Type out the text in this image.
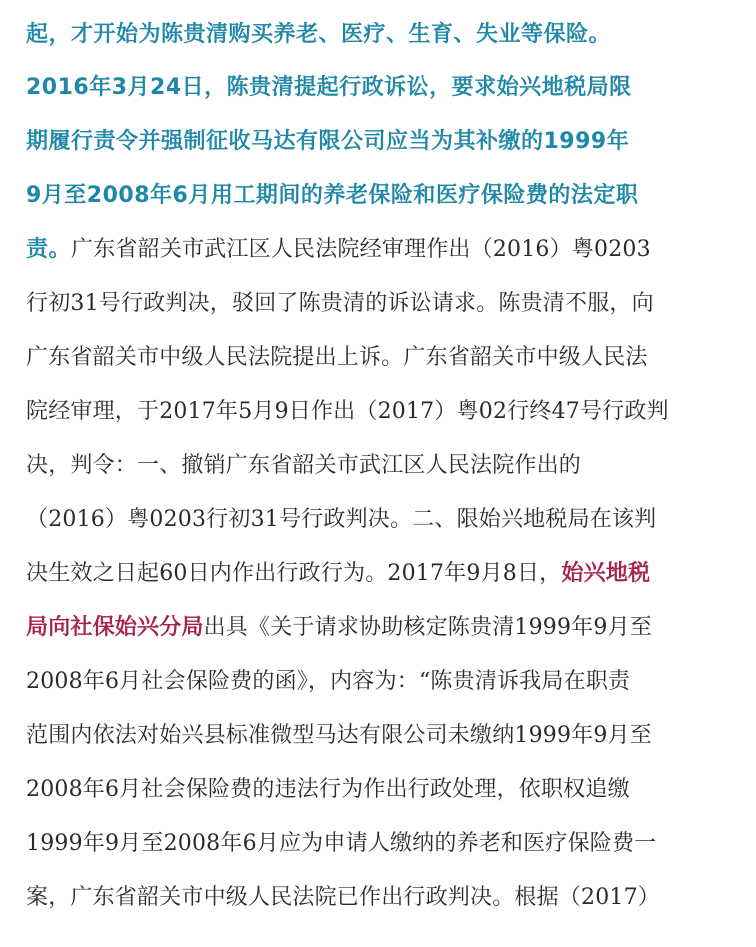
起，才开始为陈贵清购买养老、医疗、生育、失业等保险。
2016年3月24日，陈贵清提起行政诉讼，要求始兴地税局限
期履行责令并强制征收马达有限公司应当为其补缴的1999年
9月至2008年6月用工期间的养老保险和医疗保险费的法定职
责。广东省韶关市武江区人民法院经审理作出（2016）粤0203
行初31号行政判决，驳回了陈贵清的诉讼请求。陈贵清不服，向
广东省韶关市中级人民法院提出上诉。广东省韶关市中级人民法
院经审理，于2017年5月9日作出（2017）粤02行终47号行政判
决，判令：一、撤销广东省韶关市武江区人民法院作出的
（2016）粤0203行初31号行政判决。二、限始兴地税局在该判
决生效之日起60日内作出行政行为。2017年9月8日，始兴地税
局向社保始兴分局出具《关于请求协助核定陈贵清1999年9月至
2008年6月社会保险费的函》，内容为：“陈贵清诉我局在职责
范围内依法对始兴县标准微型马达有限公司未缴纳1999年9月至
2008年6月社会保险费的违法行为作出行政处理，依职权追缴
1999年9月至2008年6月应为申请人缴纳的养老和医疗保险费一
案，广东省韶关市中级人民法院已作出行政判决。根据（2017）
